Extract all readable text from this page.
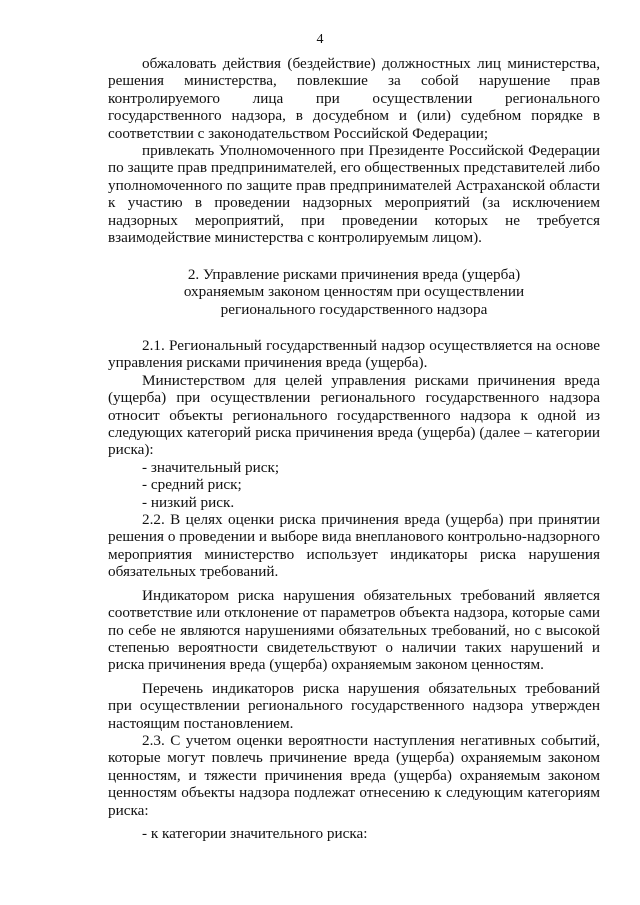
4

обжаловать действия (бездействие) должностных лиц министерства, решения министерства, повлекшие за собой нарушение прав контролируемого лица при осуществлении регионального государственного надзора, в досудебном и (или) судебном порядке в соответствии с законодательством Российской Федерации;

привлекать Уполномоченного при Президенте Российской Федерации по защите прав предпринимателей, его общественных представителей либо уполномоченного по защите прав предпринимателей Астраханской области к участию в проведении надзорных мероприятий (за исключением надзорных мероприятий, при проведении которых не требуется взаимодействие министерства с контролируемым лицом).

2. Управление рисками причинения вреда (ущерба)

охраняемым законом ценностям при осуществлении

регионального государственного надзора

2.1. Региональный государственный надзор осуществляется на основе управления рисками причинения вреда (ущерба).

Министерством для целей управления рисками причинения вреда (ущерба) при осуществлении регионального государственного надзора относит объекты регионального государственного надзора к одной из следующих категорий риска причинения вреда (ущерба) (далее – категории риска):

- значительный риск;

- средний риск;

- низкий риск.

2.2. В целях оценки риска причинения вреда (ущерба) при принятии решения о проведении и выборе вида внепланового контрольно-надзорного мероприятия министерство использует индикаторы риска нарушения обязательных требований.

Индикатором риска нарушения обязательных требований является соответствие или отклонение от параметров объекта надзора, которые сами по себе не являются нарушениями обязательных требований, но с высокой степенью вероятности свидетельствуют о наличии таких нарушений и риска причинения вреда (ущерба) охраняемым законом ценностям.

Перечень индикаторов риска нарушения обязательных требований при осуществлении регионального государственного надзора утвержден настоящим постановлением.

2.3. С учетом оценки вероятности наступления негативных событий, которые могут повлечь причинение вреда (ущерба) охраняемым законом ценностям, и тяжести причинения вреда (ущерба) охраняемым законом ценностям объекты надзора подлежат отнесению к следующим категориям риска:

- к категории значительного риска:
